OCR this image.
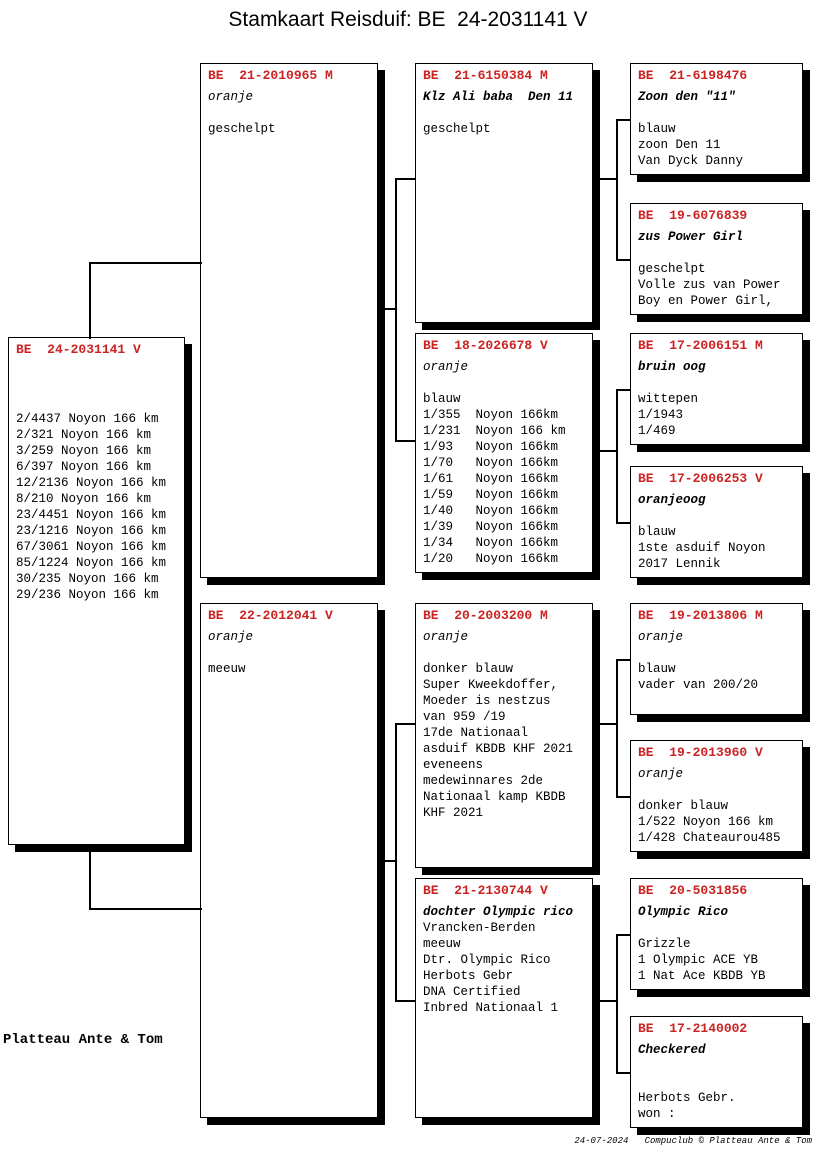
Stamkaart Reisduif: BE  24-2031141 V
BE  24-2031141 V
2/4437 Noyon 166 km
2/321 Noyon 166 km
3/259 Noyon 166 km
6/397 Noyon 166 km
12/2136 Noyon 166 km
8/210 Noyon 166 km
23/4451 Noyon 166 km
23/1216 Noyon 166 km
67/3061 Noyon 166 km
85/1224 Noyon 166 km
30/235 Noyon 166 km
29/236 Noyon 166 km
BE  21-2010965 M
oranje
geschelpt
BE  22-2012041 V
oranje
meeuw
BE  21-6150384 M
Klz Ali baba  Den 11
geschelpt
BE  18-2026678 V
oranje
blauw
1/355  Noyon 166km
1/231  Noyon 166 km
1/93   Noyon 166km
1/70   Noyon 166km
1/61   Noyon 166km
1/59   Noyon 166km
1/40   Noyon 166km
1/39   Noyon 166km
1/34   Noyon 166km
1/20   Noyon 166km
BE  20-2003200 M
oranje
donker blauw
Super Kweekdoffer,
Moeder is nestzus
van 959 /19
17de Nationaal
asduif KBDB KHF 2021
eveneens
medewinnares 2de
Nationaal kamp KBDB
KHF 2021
BE  21-2130744 V
dochter Olympic rico
Vrancken-Berden
meeuw
Dtr. Olympic Rico
Herbots Gebr
DNA Certified
Inbred Nationaal 1
BE  21-6198476
Zoon den "11"
blauw
zoon Den 11
Van Dyck Danny
BE  19-6076839
zus Power Girl
geschelpt
Volle zus van Power
Boy en Power Girl,
BE  17-2006151 M
bruin oog
wittepen
1/1943
1/469
BE  17-2006253 V
oranjeoog
blauw
1ste asduif Noyon
2017 Lennik
BE  19-2013806 M
oranje
blauw
vader van 200/20
BE  19-2013960 V
oranje
donker blauw
1/522 Noyon 166 km
1/428 Chateaurou485
BE  20-5031856
Olympic Rico
Grizzle
1 Olympic ACE YB
1 Nat Ace KBDB YB
BE  17-2140002
Checkered
Herbots Gebr.
won :
Platteau Ante & Tom
24-07-2024   Compuclub © Platteau Ante & Tom
